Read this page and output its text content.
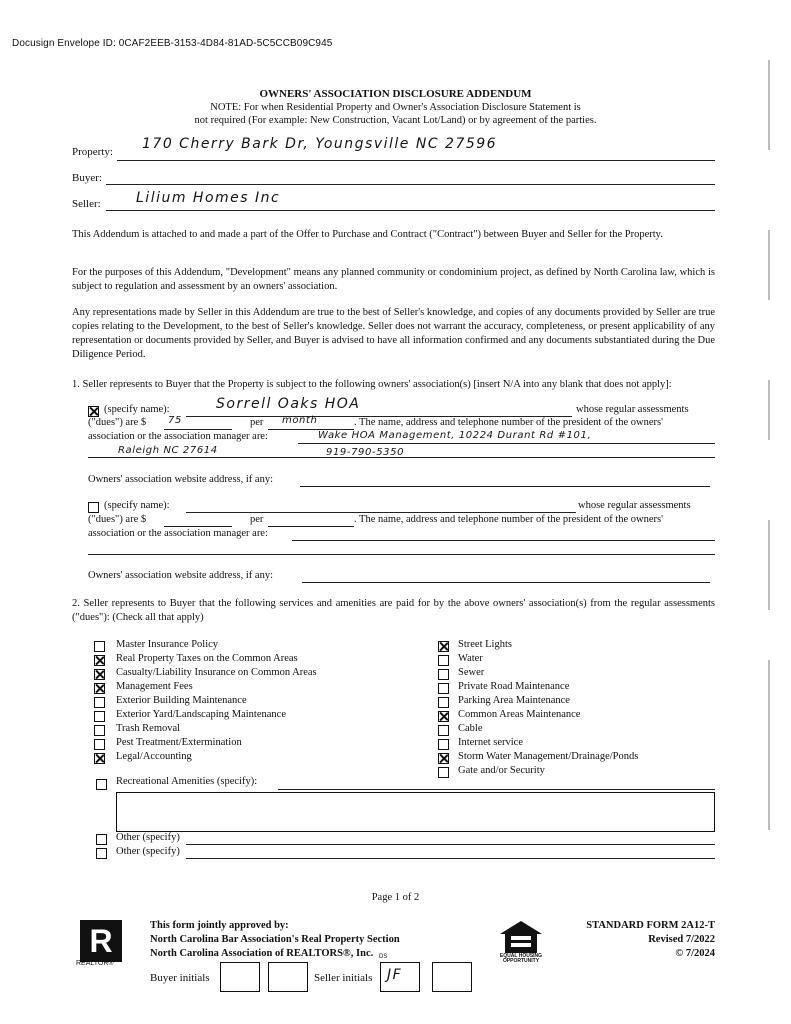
Docusign Envelope ID: 0CAF2EEB-3153-4D84-81AD-5C5CCB09C945
OWNERS' ASSOCIATION DISCLOSURE ADDENDUM
NOTE: For when Residential Property and Owner's Association Disclosure Statement is
not required (For example: New Construction, Vacant Lot/Land) or by agreement of the parties.
Property: 170 Cherry Bark Dr, Youngsville NC 27596
Buyer:
Seller:	Lilium Homes Inc
This Addendum is attached to and made a part of the Offer to Purchase and Contract ("Contract") between Buyer and Seller for the Property.
For the purposes of this Addendum, "Development" means any planned community or condominium project, as defined by North Carolina law, which is subject to regulation and assessment by an owners' association.
Any representations made by Seller in this Addendum are true to the best of Seller's knowledge, and copies of any documents provided by Seller are true copies relating to the Development, to the best of Seller's knowledge. Seller does not warrant the accuracy, completeness, or present applicability of any representation or documents provided by Seller, and Buyer is advised to have all information confirmed and any documents substantiated during the Due Diligence Period.
1. Seller represents to Buyer that the Property is subject to the following owners' association(s) [insert N/A into any blank that does not apply]:
(specify name):	Sorrell Oaks HOA	whose regular assessments
("dues") are $ 75	per month	. The name, address and telephone number of the president of the owners'
association or the association manager are:	Wake HOA Management, 10224 Durant Rd #101,
Raleigh NC 27614	919-790-5350
Owners' association website address, if any:
(specify name):	whose regular assessments
("dues") are $	per	. The name, address and telephone number of the president of the owners'
association or the association manager are:
Owners' association website address, if any:
2. Seller represents to Buyer that the following services and amenities are paid for by the above owners' association(s) from the regular assessments ("dues"): (Check all that apply)
Master Insurance Policy
Real Property Taxes on the Common Areas
Casualty/Liability Insurance on Common Areas
Management Fees
Exterior Building Maintenance
Exterior Yard/Landscaping Maintenance
Trash Removal
Pest Treatment/Extermination
Legal/Accounting
Street Lights
Water
Sewer
Private Road Maintenance
Parking Area Maintenance
Common Areas Maintenance
Cable
Internet service
Storm Water Management/Drainage/Ponds
Gate and/or Security
Recreational Amenities (specify):
Other (specify)
Other (specify)
Page 1 of 2
R
REALTOR®
This form jointly approved by:
North Carolina Bar Association's Real Property Section
North Carolina Association of REALTORS®, Inc.
Buyer initials	Seller initials
DS
JF
EQUAL HOUSING OPPORTUNITY
STANDARD FORM 2A12-T
Revised 7/2022
© 7/2024
